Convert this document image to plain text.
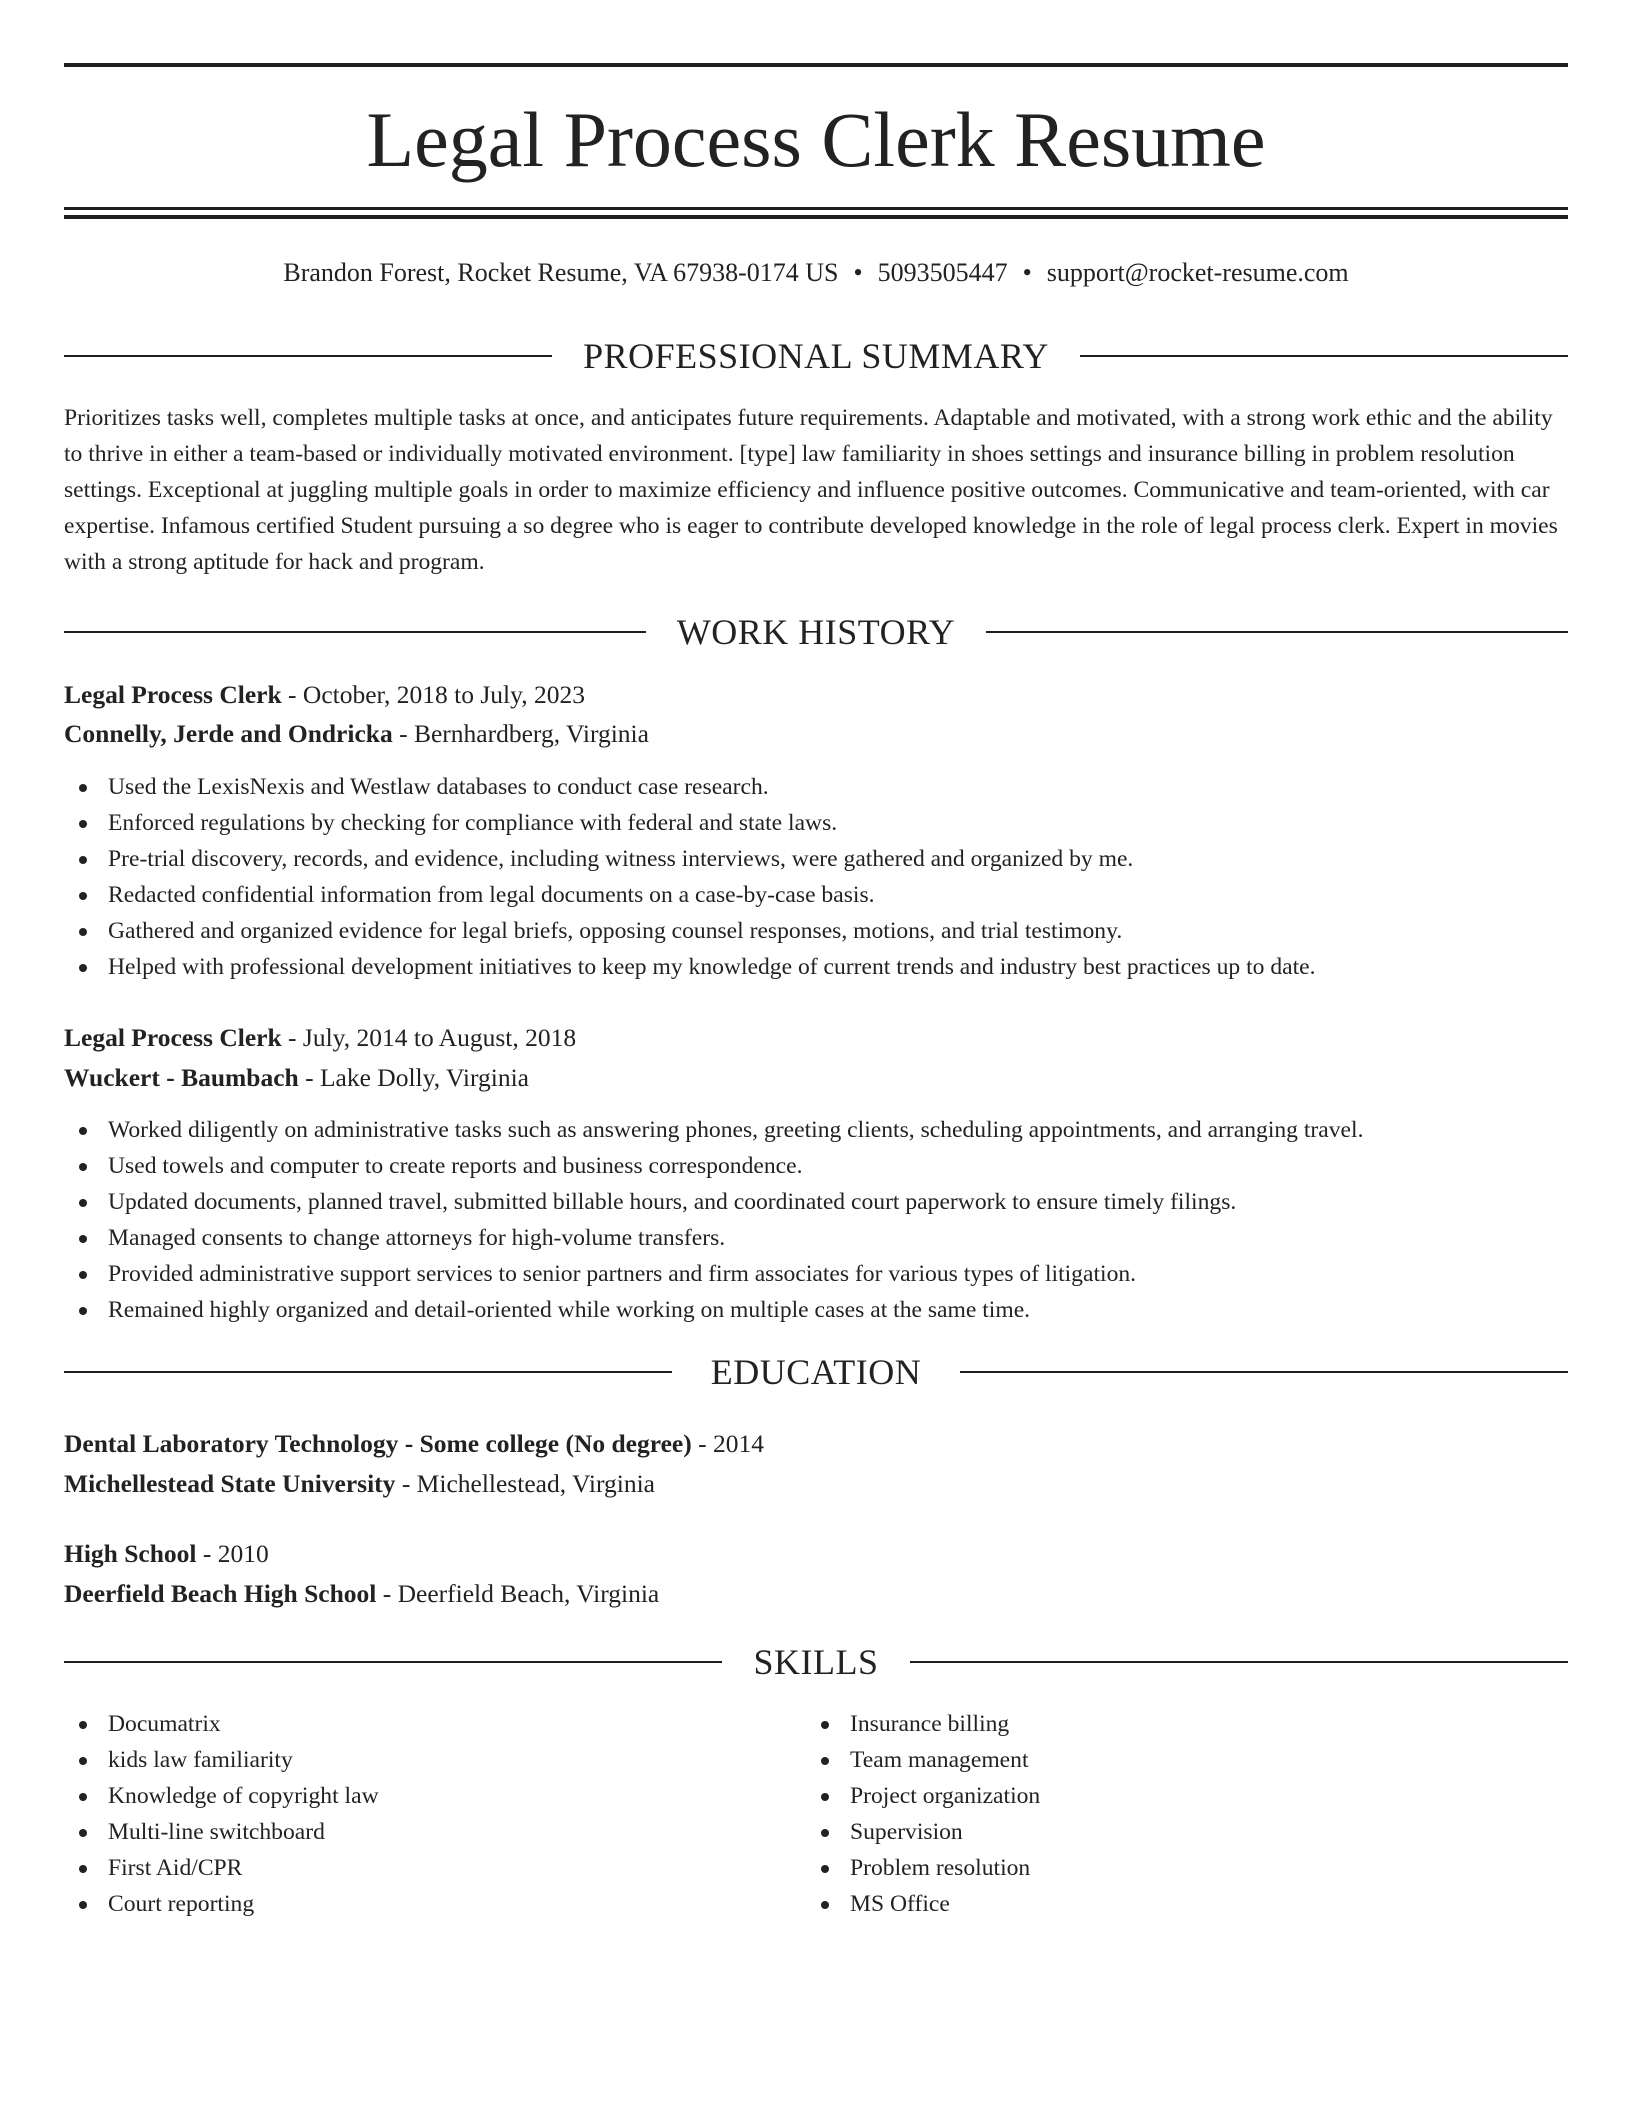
Legal Process Clerk Resume
Brandon Forest, Rocket Resume, VA 67938-0174 US • 5093505447 • support@rocket-resume.com
PROFESSIONAL SUMMARY

Prioritizes tasks well, completes multiple tasks at once, and anticipates future requirements. Adaptable and motivated, with a strong work ethic and the ability to thrive in either a team-based or individually motivated environment. [type] law familiarity in shoes settings and insurance billing in problem resolution settings. Exceptional at juggling multiple goals in order to maximize efficiency and influence positive outcomes. Communicative and team-oriented, with car expertise. Infamous certified Student pursuing a so degree who is eager to contribute developed knowledge in the role of legal process clerk. Expert in movies with a strong aptitude for hack and program.

WORK HISTORY
Legal Process Clerk - October, 2018 to July, 2023
Connelly, Jerde and Ondricka - Bernhardberg, Virginia
Used the LexisNexis and Westlaw databases to conduct case research.
Enforced regulations by checking for compliance with federal and state laws.
Pre-trial discovery, records, and evidence, including witness interviews, were gathered and organized by me.
Redacted confidential information from legal documents on a case-by-case basis.
Gathered and organized evidence for legal briefs, opposing counsel responses, motions, and trial testimony.
Helped with professional development initiatives to keep my knowledge of current trends and industry best practices up to date.
Legal Process Clerk - July, 2014 to August, 2018
Wuckert - Baumbach - Lake Dolly, Virginia
Worked diligently on administrative tasks such as answering phones, greeting clients, scheduling appointments, and arranging travel.
Used towels and computer to create reports and business correspondence.
Updated documents, planned travel, submitted billable hours, and coordinated court paperwork to ensure timely filings.
Managed consents to change attorneys for high-volume transfers.
Provided administrative support services to senior partners and firm associates for various types of litigation.
Remained highly organized and detail-oriented while working on multiple cases at the same time.
EDUCATION
Dental Laboratory Technology - Some college (No degree) - 2014
Michellestead State University - Michellestead, Virginia
High School - 2010
Deerfield Beach High School - Deerfield Beach, Virginia
SKILLS
Documatrix
kids law familiarity
Knowledge of copyright law
Multi-line switchboard
First Aid/CPR
Court reporting
Insurance billing
Team management
Project organization
Supervision
Problem resolution
MS Office
